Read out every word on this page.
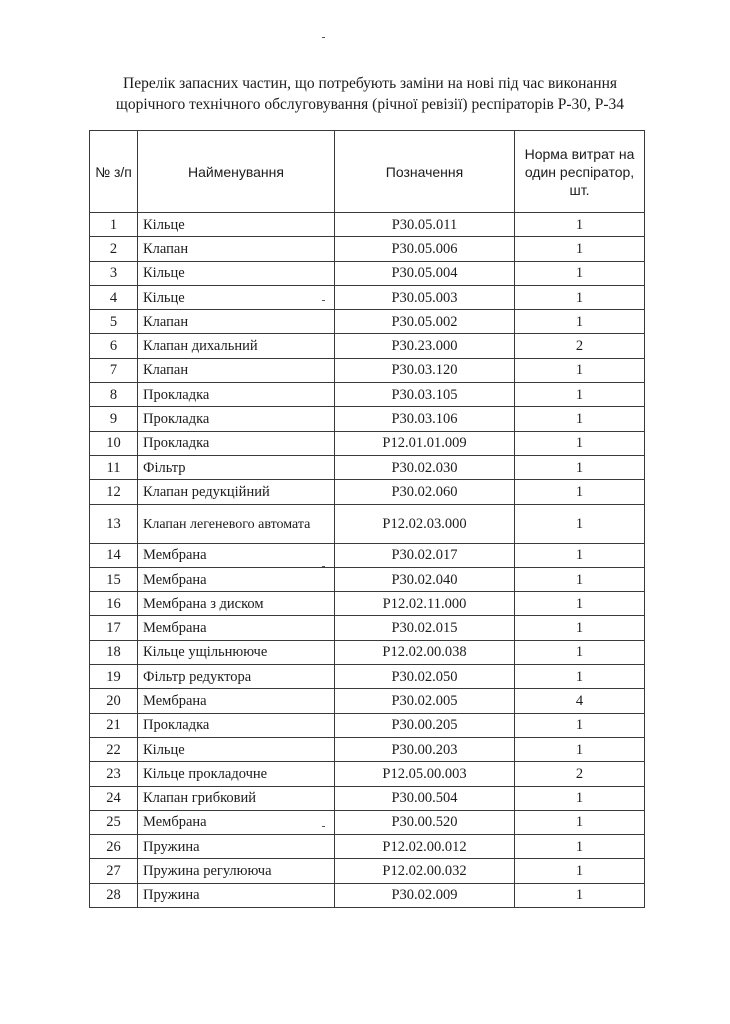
Перелік запасних частин, що потребують заміни на нові під час виконання
щорічного технічного обслуговування (річної ревізії) респіраторів Р-30, Р-34
№ з/п	Найменування	Позначення	Норма витрат на один респіратор, шт.
1	Кільце	Р30.05.011	1
2	Клапан	Р30.05.006	1
3	Кільце	Р30.05.004	1
4	Кільце	Р30.05.003	1
5	Клапан	Р30.05.002	1
6	Клапан дихальний	Р30.23.000	2
7	Клапан	Р30.03.120	1
8	Прокладка	Р30.03.105	1
9	Прокладка	Р30.03.106	1
10	Прокладка	Р12.01.01.009	1
11	Фільтр	Р30.02.030	1
12	Клапан редукційний	Р30.02.060	1
13	Клапан легеневого автомата	Р12.02.03.000	1
14	Мембрана	Р30.02.017	1
15	Мембрана	Р30.02.040	1
16	Мембрана з диском	Р12.02.11.000	1
17	Мембрана	Р30.02.015	1
18	Кільце ущільнююче	Р12.02.00.038	1
19	Фільтр редуктора	Р30.02.050	1
20	Мембрана	Р30.02.005	4
21	Прокладка	Р30.00.205	1
22	Кільце	Р30.00.203	1
23	Кільце прокладочне	Р12.05.00.003	2
24	Клапан грибковий	Р30.00.504	1
25	Мембрана	Р30.00.520	1
26	Пружина	Р12.02.00.012	1
27	Пружина регулююча	Р12.02.00.032	1
28	Пружина	Р30.02.009	1
